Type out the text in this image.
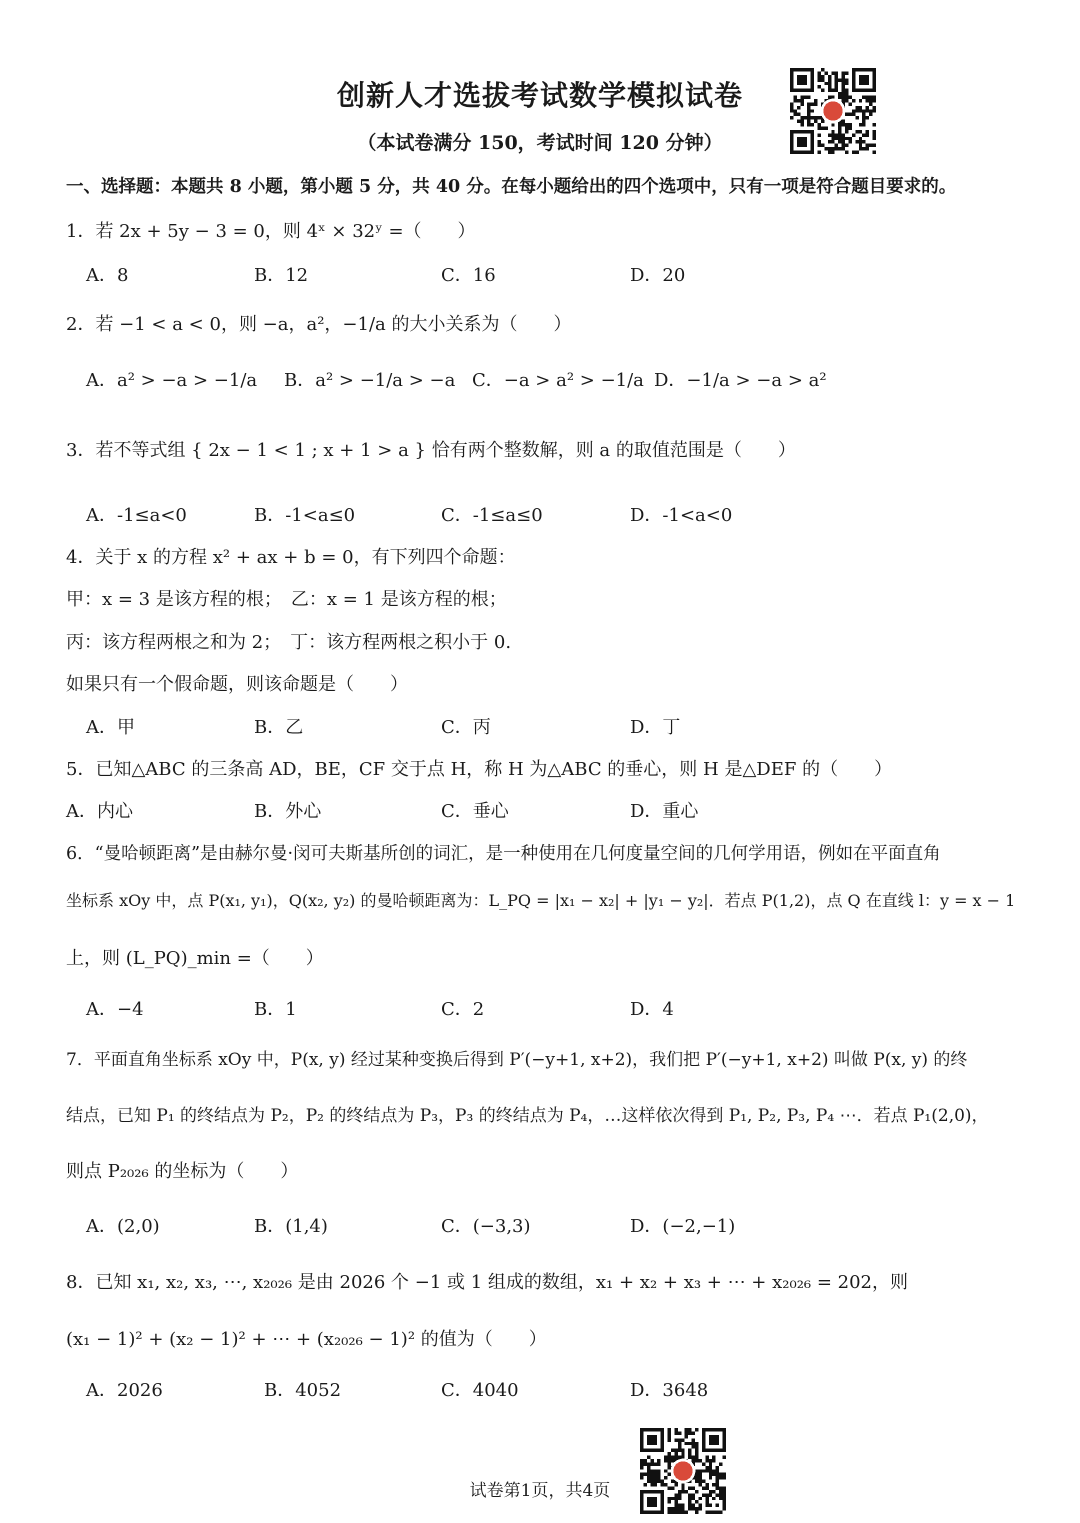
创新人才选拔考试数学模拟试卷
（本试卷满分 150，考试时间 120 分钟）
一、选择题：本题共 8 小题，第小题 5 分，共 40 分。在每小题给出的四个选项中，只有一项是符合题目要求的。
1．若 2x + 5y − 3 = 0，则 4ˣ × 32ʸ =（　　）
A．8	B．12	C．16	D．20
2．若 −1 < a < 0，则 −a，a²，−1/a 的大小关系为（　　）
A．a² > −a > −1/a B．a² > −1/a > −a C．−a > a² > −1/a D．−1/a > −a > a²
3．若不等式组 { 2x − 1 < 1 ; x + 1 > a } 恰有两个整数解，则 a 的取值范围是（　　）
A．-1≤a<0	B．-1<a≤0	C．-1≤a≤0	D．-1<a<0
4．关于 x 的方程 x² + ax + b = 0，有下列四个命题：
甲：x = 3 是该方程的根；　乙：x = 1 是该方程的根；
丙：该方程两根之和为 2；　丁：该方程两根之积小于 0.
如果只有一个假命题，则该命题是（　　）
A．甲	B．乙	C．丙	D．丁
5．已知△ABC 的三条高 AD，BE，CF 交于点 H，称 H 为△ABC 的垂心，则 H 是△DEF 的（　　）
A．内心	B．外心	C．垂心	D．重心
6．“曼哈顿距离”是由赫尔曼·闵可夫斯基所创的词汇，是一种使用在几何度量空间的几何学用语，例如在平面直角
坐标系 xOy 中，点 P(x₁, y₁)，Q(x₂, y₂) 的曼哈顿距离为：L_PQ = |x₁ − x₂| + |y₁ − y₂|．若点 P(1,2)，点 Q 在直线 l：y = x − 1
上，则 (L_PQ)_min =（　　）
A．−4	B．1	C．2	D．4
7．平面直角坐标系 xOy 中，P(x, y) 经过某种变换后得到 P′(−y+1, x+2)，我们把 P′(−y+1, x+2) 叫做 P(x, y) 的终
结点，已知 P₁ 的终结点为 P₂，P₂ 的终结点为 P₃，P₃ 的终结点为 P₄，…这样依次得到 P₁, P₂, P₃, P₄ ⋯．若点 P₁(2,0)，
则点 P₂₀₂₆ 的坐标为（　　）
A．(2,0)	B．(1,4)	C．(−3,3)	D．(−2,−1)
8．已知 x₁, x₂, x₃, ⋯, x₂₀₂₆ 是由 2026 个 −1 或 1 组成的数组，x₁ + x₂ + x₃ + ⋯ + x₂₀₂₆ = 202，则
(x₁ − 1)² + (x₂ − 1)² + ⋯ + (x₂₀₂₆ − 1)² 的值为（　　）
A．2026	B．4052	C．4040	D．3648
试卷第1页，共4页
